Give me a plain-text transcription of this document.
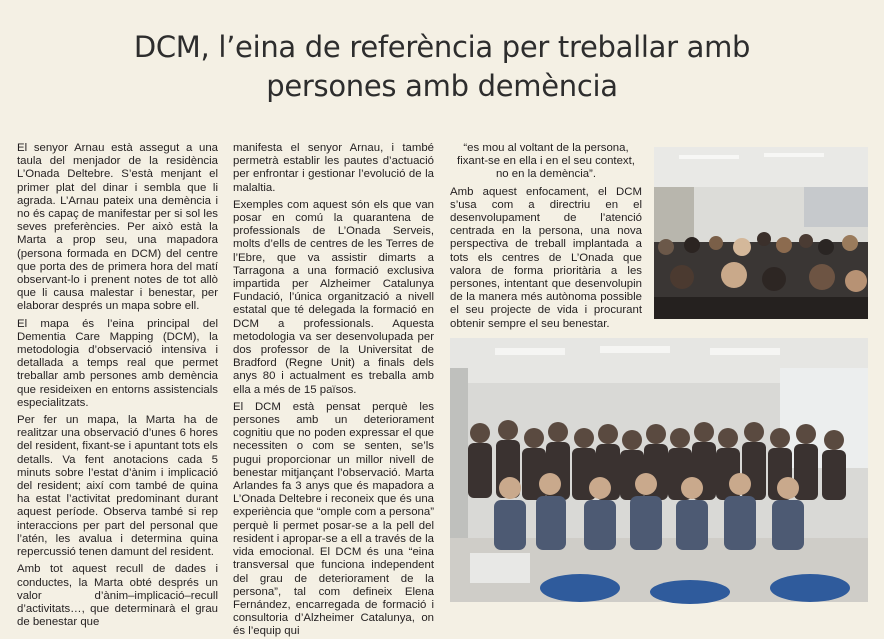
DCM, l’eina de referència per treballar amb
persones amb demència

El senyor Arnau està assegut a una taula del menjador de la residència L’Onada Deltebre. S’està menjant el primer plat del dinar i sembla que li agrada. L’Arnau pateix una demència i no és capaç de manifestar per si sol les seves preferències. Per això està la Marta a prop seu, una mapadora (persona formada en DCM) del centre que porta des de primera hora del matí observant-lo i prenent notes de tot allò que li causa malestar i benestar, per elaborar després un mapa sobre ell.

El mapa és l’eina principal del Dementia Care Mapping (DCM), la metodologia d’observació intensiva i detallada a temps real que permet treballar amb persones amb demència que resideixen en entorns assistencials especialitzats.

Per fer un mapa, la Marta ha de realitzar una observació d’unes 6 hores del resident, fixant-se i apuntant tots els detalls. Va fent anotacions cada 5 minuts sobre l’estat d’ànim i implicació del resident; així com també de quina ha estat l’activitat predominant durant aquest període. Observa també si rep interaccions per part del personal que l’atén, les avalua i determina quina repercussió tenen damunt del resident.

Amb tot aquest recull de dades i conductes, la Marta obté després un valor d’ànim–implicació–recull d’activitats…, que determinarà el grau de benestar que

manifesta el senyor Arnau, i també permetrà establir les pautes d’actuació per enfrontar i gestionar l’evolució de la malaltia.

Exemples com aquest són els que van posar en comú la quarantena de professionals de L’Onada Serveis, molts d’ells de centres de les Terres de l’Ebre, que va assistir dimarts a Tarragona a una formació exclusiva impartida per Alzheimer Catalunya Fundació, l’única organització a nivell estatal que té delegada la formació en DCM a professionals. Aquesta metodologia va ser desenvolupada per dos professor de la Universitat de Bradford (Regne Unit) a finals dels anys 80 i actualment es treballa amb ella a més de 15 països.

El DCM està pensat perquè les persones amb un deteriorament cognitiu que no poden expressar el que necessiten o com se senten, se’ls pugui proporcionar un millor nivell de benestar mitjançant l’observació. Marta Arlandes fa 3 anys que és mapadora a L’Onada Deltebre i reconeix que és una experiència que “omple com a persona” perquè li permet posar-se a la pell del resident i apropar-se a ell a través de la vida emocional. El DCM és una “eina transversal que funciona independent del grau de deteriorament de la persona”, tal com defineix Elena Fernández, encarregada de formació i consultoria d’Alzheimer Catalunya, on és l’equip qui

“es mou al voltant de la persona, fixant-se en ella i en el seu context, no en la demència”.

Amb aquest enfocament, el DCM s’usa com a directriu en el desenvolupament de l’atenció centrada en la persona, una nova perspectiva de treball implantada a tots els centres de L’Onada que valora de forma prioritària a les persones, intentant que desenvolupin de la manera més autònoma possible el seu projecte de vida i procurant obtenir sempre el seu benestar.
